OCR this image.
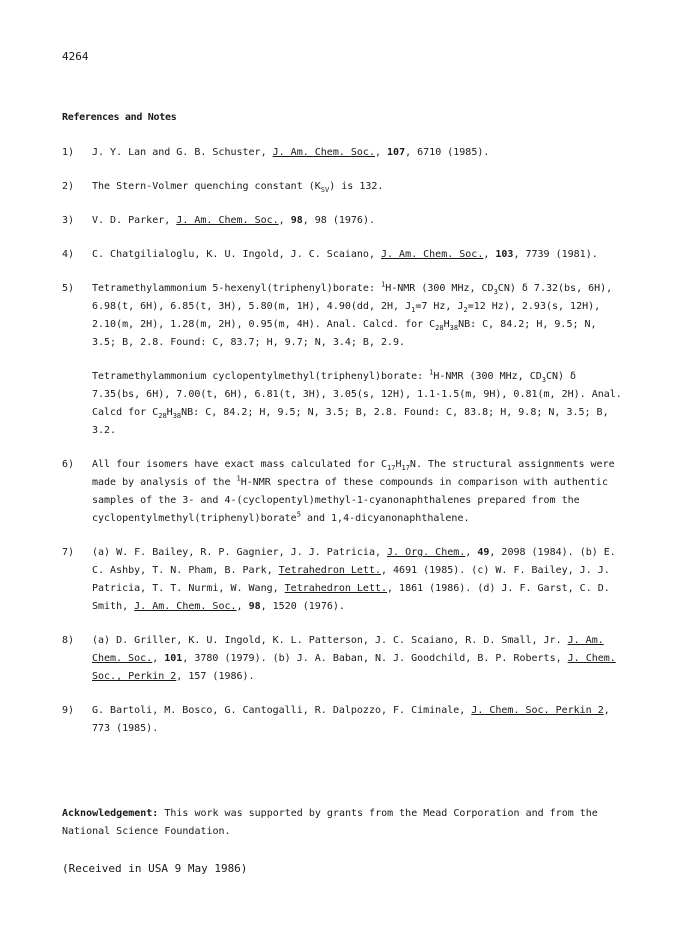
4264
References and Notes
1)	J. Y. Lan and G. B. Schuster, J. Am. Chem. Soc., 107, 6710 (1985).
2)	The Stern-Volmer quenching constant $(K_{SV})$ is 132.
3)	V. D. Parker, J. Am. Chem. Soc., 98, 98 (1976).
4)	C. Chatgilialoglu, K. U. Ingold, J. C. Scaiano, J. Am. Chem. Soc., 103, 7739 (1981).
5)	Tetramethylammonium 5-hexenyl(triphenyl)borate: $^1$H-NMR (300 MHz, $CD_3CN$) δ 7.32(bs, 6H), 6.98(t, 6H), 6.85(t, 3H), 5.80(m, 1H), 4.90(dd, 2H, $J_1=7$ Hz, $J_2=12$ Hz), 2.93(s, 12H), 2.10(m, 2H), 1.28(m, 2H), 0.95(m, 4H). Anal. Calcd. for $C_{28}H_{38}NB$: C, 84.2; H, 9.5; N, 3.5; B, 2.8. Found: C, 83.7; H, 9.7; N, 3.4; B, 2.9.
Tetramethylammonium cyclopentylmethyl(triphenyl)borate: $^1$H-NMR (300 MHz, $CD_3CN$) δ 7.35(bs, 6H), 7.00(t, 6H), 6.81(t, 3H), 3.05(s, 12H), 1.1-1.5(m, 9H), 0.81(m, 2H). Anal. Calcd for $C_{28}H_{38}NB$: C, 84.2; H, 9.5; N, 3.5; B, 2.8. Found: C, 83.8; H, 9.8; N, 3.5; B, 3.2.
6)	All four isomers have exact mass calculated for $C_{17}H_{17}N$. The structural assignments were made by analysis of the $^1$H-NMR spectra of these compounds in comparison with authentic samples of the 3- and 4-(cyclopentyl)methyl-1-cyanonaphthalenes prepared from the cyclopentylmethyl(triphenyl)borate$^5$ and 1,4-dicyanonaphthalene.
7)	(a) W. F. Bailey, R. P. Gagnier, J. J. Patricia, J. Org. Chem., 49, 2098 (1984). (b) E. C. Ashby, T. N. Pham, B. Park, Tetrahedron Lett., 4691 (1985). (c) W. F. Bailey, J. J. Patricia, T. T. Nurmi, W. Wang, Tetrahedron Lett., 1861 (1986). (d) J. F. Garst, C. D. Smith, J. Am. Chem. Soc., 98, 1520 (1976).
8)	(a) D. Griller, K. U. Ingold, K. L. Patterson, J. C. Scaiano, R. D. Small, Jr. J. Am. Chem. Soc., 101, 3780 (1979). (b) J. A. Baban, N. J. Goodchild, B. P. Roberts, J. Chem. Soc., Perkin 2, 157 (1986).
9)	G. Bartoli, M. Bosco, G. Cantogalli, R. Dalpozzo, F. Ciminale, J. Chem. Soc. Perkin 2, 773 (1985).
Acknowledgement: This work was supported by grants from the Mead Corporation and from the National Science Foundation.
(Received in USA 9 May 1986)
